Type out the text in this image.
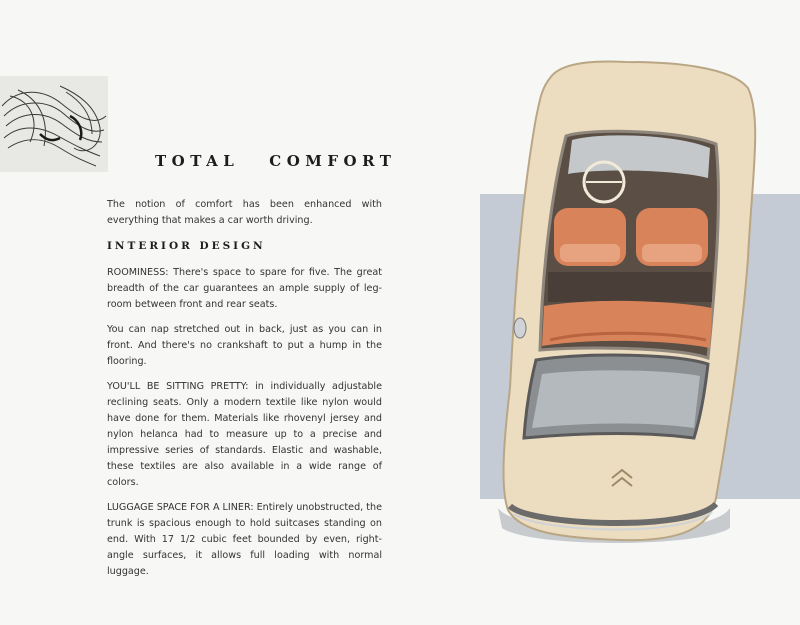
TOTAL COMFORT

The notion of comfort has been enhanced with everything that makes a car worth driving.

INTERIOR DESIGN

ROOMINESS: There's space to spare for five. The great breadth of the car guarantees an ample supply of leg-room between front and rear seats.

You can nap stretched out in back, just as you can in front. And there's no crankshaft to put a hump in the flooring.

YOU'LL BE SITTING PRETTY: in individually adjustable reclining seats. Only a modern textile like nylon would have done for them. Materials like rhovenyl jersey and nylon helanca had to measure up to a precise and impressive series of standards. Elastic and washable, these textiles are also available in a wide range of colors.

LUGGAGE SPACE FOR A LINER: Entirely unobstructed, the trunk is spacious enough to hold suitcases standing on end. With 17 1/2 cubic feet bounded by even, right-angle surfaces, it allows full loading with normal luggage.
